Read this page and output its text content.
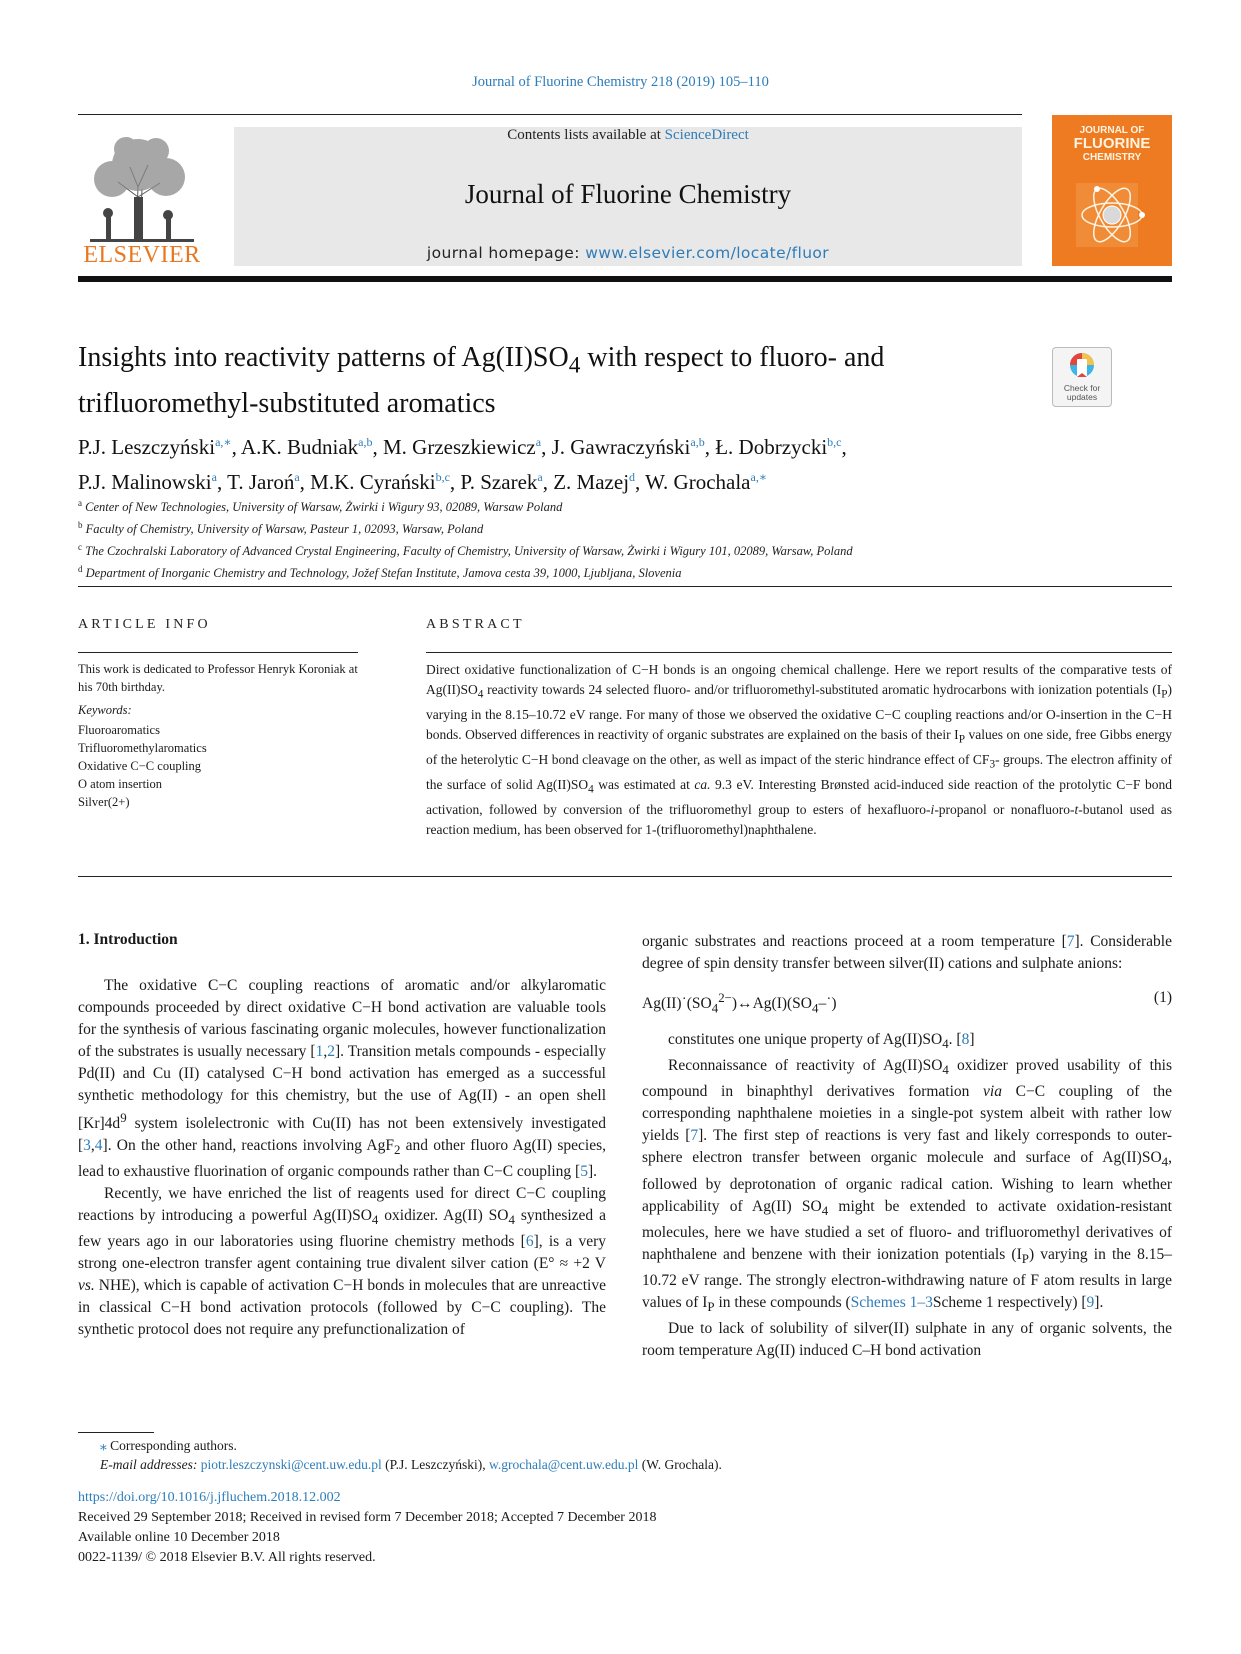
Journal of Fluorine Chemistry 218 (2019) 105–110
ELSEVIER
Contents lists available at ScienceDirect
Journal of Fluorine Chemistry
journal homepage: www.elsevier.com/locate/fluor
JOURNAL OF
FLUORINE
CHEMISTRY
Insights into reactivity patterns of $Ag(II)SO_4$ with respect to fluoro- and trifluoromethyl-substituted aromatics	Check for updates
P.J. Leszczyński$^{a,∗}$, A.K. Budniak$^{a,b}$, M. Grzeszkiewicz$^a$, J. Gawraczyński$^{a,b}$, Ł. Dobrzycki$^{b,c}$,
P.J. Malinowski$^a$, T. Jaroń$^a$, M.K. Cyrański$^{b,c}$, P. Szarek$^a$, Z. Mazej$^d$, W. Grochala$^{a,∗}$
$^a$ Center of New Technologies, University of Warsaw, Żwirki i Wigury 93, 02089, Warsaw Poland
$^b$ Faculty of Chemistry, University of Warsaw, Pasteur 1, 02093, Warsaw, Poland
$^c$ The Czochralski Laboratory of Advanced Crystal Engineering, Faculty of Chemistry, University of Warsaw, Żwirki i Wigury 101, 02089, Warsaw, Poland
$^d$ Department of Inorganic Chemistry and Technology, Jožef Stefan Institute, Jamova cesta 39, 1000, Ljubljana, Slovenia
ARTICLE INFO
This work is dedicated to Professor Henryk Koroniak at his 70th birthday.
Keywords:
Fluoroaromatics
Trifluoromethylaromatics
Oxidative C−C coupling
O atom insertion
Silver(2+)
ABSTRACT
Direct oxidative functionalization of C−H bonds is an ongoing chemical challenge. Here we report results of the comparative tests of $Ag(II)SO_4$ reactivity towards 24 selected fluoro- and/or trifluoromethyl-substituted aromatic hydrocarbons with ionization potentials $(I_P)$ varying in the 8.15–10.72 eV range. For many of those we observed the oxidative C−C coupling reactions and/or O-insertion in the C−H bonds. Observed differences in reactivity of organic substrates are explained on the basis of their $I_P$ values on one side, free Gibbs energy of the heterolytic C−H bond cleavage on the other, as well as impact of the steric hindrance effect of $CF_3-$ groups. The electron affinity of the surface of solid $Ag(II)SO_4$ was estimated at ca. 9.3 eV. Interesting Brønsted acid-induced side reaction of the protolytic C−F bond activation, followed by conversion of the trifluoromethyl group to esters of hexafluoro-i-propanol or nonafluoro-t-butanol used as reaction medium, has been observed for 1-(trifluoromethyl)naphthalene.
1. Introduction

The oxidative C−C coupling reactions of aromatic and/or alkylaromatic compounds proceeded by direct oxidative C−H bond activation are valuable tools for the synthesis of various fascinating organic molecules, however functionalization of the substrates is usually necessary [1,2]. Transition metals compounds - especially Pd(II) and Cu (II) catalysed C−H bond activation has emerged as a successful synthetic methodology for this chemistry, but the use of Ag(II) - an open shell $[Kr]4d^9$ system isolelectronic with Cu(II) has not been extensively investigated [3,4]. On the other hand, reactions involving AgF$_2$ and other fluoro Ag(II) species, lead to exhaustive fluorination of organic compounds rather than C−C coupling [5].

Recently, we have enriched the list of reagents used for direct C−C coupling reactions by introducing a powerful $Ag(II)SO_4$ oxidizer. Ag(II) $SO_4$ synthesized a few years ago in our laboratories using fluorine chemistry methods [6], is a very strong one-electron transfer agent containing true divalent silver cation (E° ≈ +2 V vs. NHE), which is capable of activation C−H bonds in molecules that are unreactive in classical C−H bond activation protocols (followed by C−C coupling). The synthetic protocol does not require any prefunctionalization of

organic substrates and reactions proceed at a room temperature [7]. Considerable degree of spin density transfer between silver(II) cations and sulphate anions:

$Ag(II)˙(SO_4^{2-})\leftrightarrow Ag(I)(SO_4-˙)$	(1)

constitutes one unique property of $Ag(II)SO_4$. [8]

Reconnaissance of reactivity of $Ag(II)SO_4$ oxidizer proved usability of this compound in binaphthyl derivatives formation via C−C coupling of the corresponding naphthalene moieties in a single-pot system albeit with rather low yields [7]. The first step of reactions is very fast and likely corresponds to outer-sphere electron transfer between organic molecule and surface of $Ag(II)SO_4$, followed by deprotonation of organic radical cation. Wishing to learn whether applicability of Ag(II) $SO_4$ might be extended to activate oxidation-resistant molecules, here we have studied a set of fluoro- and trifluoromethyl derivatives of naphthalene and benzene with their ionization potentials $(I_P)$ varying in the 8.15–10.72 eV range. The strongly electron-withdrawing nature of F atom results in large values of $I_P$ in these compounds (Schemes 1–3Scheme 1 respectively) [9].

Due to lack of solubility of silver(II) sulphate in any of organic solvents, the room temperature Ag(II) induced C–H bond activation

⁎ Corresponding authors.
E-mail addresses: piotr.leszczynski@cent.uw.edu.pl (P.J. Leszczyński), w.grochala@cent.uw.edu.pl (W. Grochala).
https://doi.org/10.1016/j.jfluchem.2018.12.002
Received 29 September 2018; Received in revised form 7 December 2018; Accepted 7 December 2018
Available online 10 December 2018
0022-1139/ © 2018 Elsevier B.V. All rights reserved.
